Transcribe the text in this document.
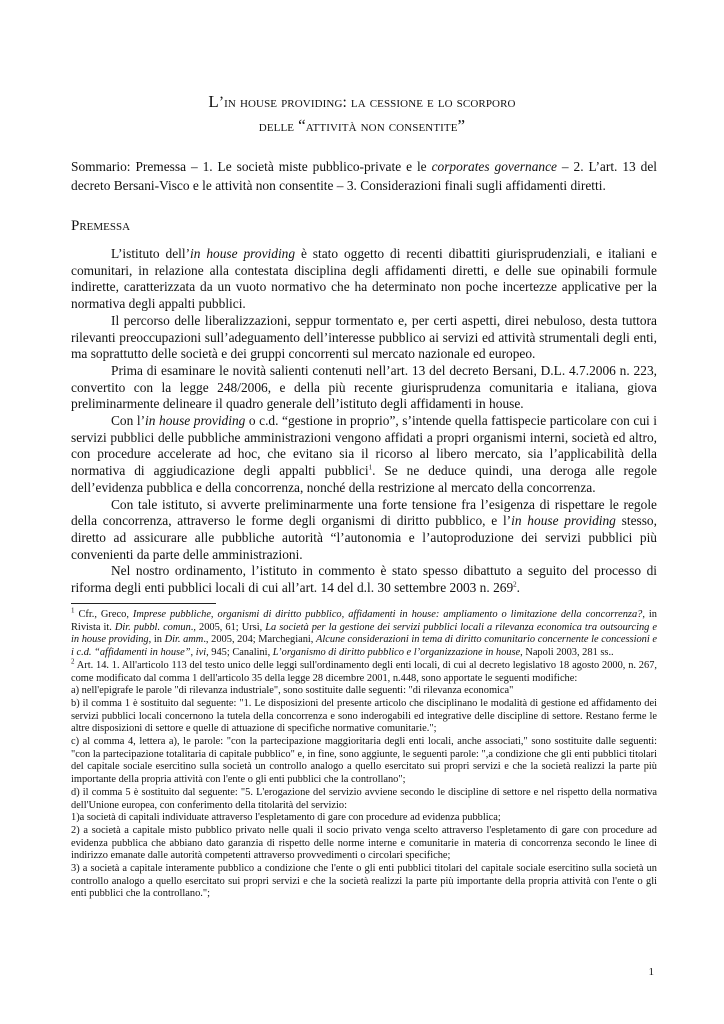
L’in house providing: la cessione e lo scorporo
delle “attività non consentite”
Sommario: Premessa – 1. Le società miste pubblico-private e le corporates governance – 2. L’art. 13 del decreto Bersani-Visco e le attività non consentite – 3. Considerazioni finali sugli affidamenti diretti.
Premessa

L’istituto dell’in house providing è stato oggetto di recenti dibattiti giurisprudenziali, e italiani e comunitari, in relazione alla contestata disciplina degli affidamenti diretti, e delle sue opinabili formule indirette, caratterizzata da un vuoto normativo che ha determinato non poche incertezze applicative per la normativa degli appalti pubblici.

Il percorso delle liberalizzazioni, seppur tormentato e, per certi aspetti, direi nebuloso, desta tuttora rilevanti preoccupazioni sull’adeguamento dell’interesse pubblico ai servizi ed attività strumentali degli enti, ma soprattutto delle società e dei gruppi concorrenti sul mercato nazionale ed europeo.

Prima di esaminare le novità salienti contenuti nell’art. 13 del decreto Bersani, D.L. 4.7.2006 n. 223, convertito con la legge 248/2006, e della più recente giurisprudenza comunitaria e italiana, giova preliminarmente delineare il quadro generale dell’istituto degli affidamenti in house.

Con l’in house providing o c.d. “gestione in proprio”, s’intende quella fattispecie particolare con cui i servizi pubblici delle pubbliche amministrazioni vengono affidati a propri organismi interni, società ed altro, con procedure accelerate ad hoc, che evitano sia il ricorso al libero mercato, sia l’applicabilità della normativa di aggiudicazione degli appalti pubblici$^1$. Se ne deduce quindi, una deroga alle regole dell’evidenza pubblica e della concorrenza, nonché della restrizione al mercato della concorrenza.

Con tale istituto, si avverte preliminarmente una forte tensione fra l’esigenza di rispettare le regole della concorrenza, attraverso le forme degli organismi di diritto pubblico, e l’in house providing stesso, diretto ad assicurare alle pubbliche autorità “l’autonomia e l’autoproduzione dei servizi pubblici più convenienti da parte delle amministrazioni.

Nel nostro ordinamento, l’istituto in commento è stato spesso dibattuto a seguito del processo di riforma degli enti pubblici locali di cui all’art. 14 del d.l. 30 settembre 2003 n. $269^2$.

$^1$ Cfr., Greco, Imprese pubbliche, organismi di diritto pubblico, affidamenti in house: ampliamento o limitazione della concorrenza?, in Rivista it. Dir. pubbl. comun., 2005, 61; Ursi, La società per la gestione dei servizi pubblici locali a rilevanza economica tra outsourcing e in house providing, in Dir. amm., 2005, 204; Marchegiani, Alcune considerazioni in tema di diritto comunitario concernente le concessioni e i c.d. “affidamenti in house”, ivi, 945; Canalini, L’organismo di diritto pubblico e l’organizzazione in house, Napoli 2003, 281 ss..

$^2$ Art. 14. 1. All'articolo 113 del testo unico delle leggi sull'ordinamento degli enti locali, di cui al decreto legislativo 18 agosto 2000, n. 267, come modificato dal comma 1 dell'articolo 35 della legge 28 dicembre 2001, n.448, sono apportate le seguenti modifiche:

a) nell'epigrafe le parole "di rilevanza industriale", sono sostituite dalle seguenti: "di rilevanza economica"

b) il comma 1 è sostituito dal seguente: "1. Le disposizioni del presente articolo che disciplinano le modalità di gestione ed affidamento dei servizi pubblici locali concernono la tutela della concorrenza e sono inderogabili ed integrative delle discipline di settore. Restano ferme le altre disposizioni di settore e quelle di attuazione di specifiche normative comunitarie.";

c) al comma 4, lettera a), le parole: "con la partecipazione maggioritaria degli enti locali, anche associati," sono sostituite dalle seguenti: "con la partecipazione totalitaria di capitale pubblico" e, in fine, sono aggiunte, le seguenti parole: ",a condizione che gli enti pubblici titolari del capitale sociale esercitino sulla società un controllo analogo a quello esercitato sui propri servizi e che la società realizzi la parte più importante della propria attività con l'ente o gli enti pubblici che la controllano";

d) il comma 5 è sostituito dal seguente: "5. L'erogazione del servizio avviene secondo le discipline di settore e nel rispetto della normativa dell'Unione europea, con conferimento della titolarità del servizio:

1)a società di capitali individuate attraverso l'espletamento di gare con procedure ad evidenza pubblica;

2) a società a capitale misto pubblico privato nelle quali il socio privato venga scelto attraverso l'espletamento di gare con procedure ad evidenza pubblica che abbiano dato garanzia di rispetto delle norme interne e comunitarie in materia di concorrenza secondo le linee di indirizzo emanate dalle autorità competenti attraverso provvedimenti o circolari specifiche;

3) a società a capitale interamente pubblico a condizione che l'ente o gli enti pubblici titolari del capitale sociale esercitino sulla società un controllo analogo a quello esercitato sui propri servizi e che la società realizzi la parte più importante della propria attività con l'ente o gli enti pubblici che la controllano.";

1
